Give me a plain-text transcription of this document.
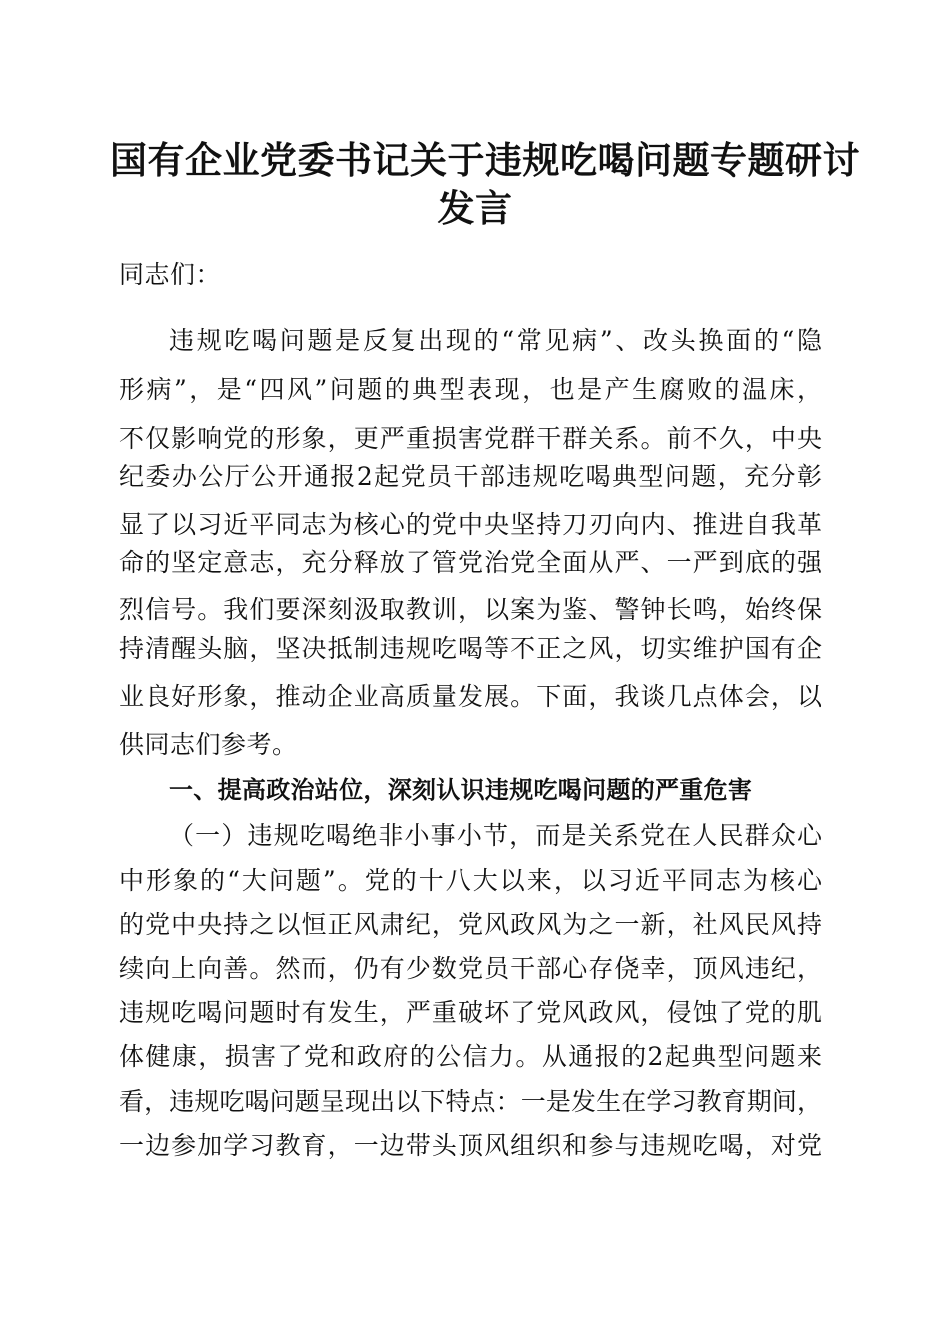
国有企业党委书记关于违规吃喝问题专题研讨
发言
同志们：
违规吃喝问题是反复出现的“常见病”、改头换面的“隐
形病”，是“四风”问题的典型表现，也是产生腐败的温床，
不仅影响党的形象，更严重损害党群干群关系。前不久，中央
纪委办公厅公开通报2起党员干部违规吃喝典型问题，充分彰
显了以习近平同志为核心的党中央坚持刀刃向内、推进自我革
命的坚定意志，充分释放了管党治党全面从严、一严到底的强
烈信号。我们要深刻汲取教训，以案为鉴、警钟长鸣，始终保
持清醒头脑，坚决抵制违规吃喝等不正之风，切实维护国有企
业良好形象，推动企业高质量发展。下面，我谈几点体会，以
供同志们参考。
一、提高政治站位，深刻认识违规吃喝问题的严重危害
（一）违规吃喝绝非小事小节，而是关系党在人民群众心
中形象的“大问题”。党的十八大以来，以习近平同志为核心
的党中央持之以恒正风肃纪，党风政风为之一新，社风民风持
续向上向善。然而，仍有少数党员干部心存侥幸，顶风违纪，
违规吃喝问题时有发生，严重破坏了党风政风，侵蚀了党的肌
体健康，损害了党和政府的公信力。从通报的2起典型问题来
看，违规吃喝问题呈现出以下特点：一是发生在学习教育期间，
一边参加学习教育，一边带头顶风组织和参与违规吃喝，对党
